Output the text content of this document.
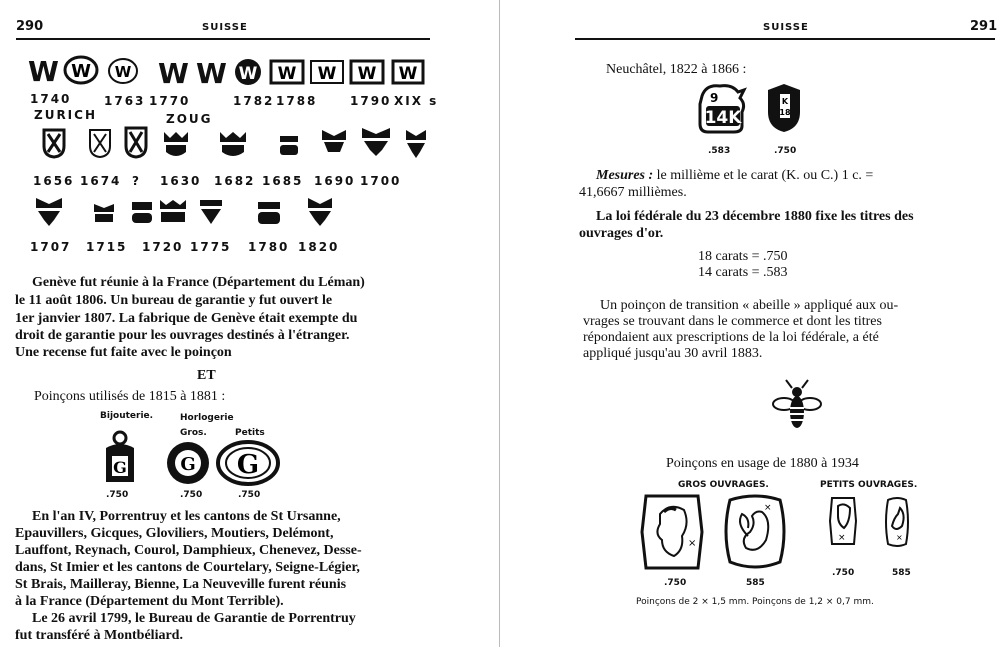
290	SUISSE
W W W W W W W W W W
1740	1763 1770	1782 1788	1790 XIX s
ZURICH	ZOUG
1656 1674 ? 1630 1682 1685 1690 1700
1707 1715 1720 1775 1780 1820
Genève fut réunie à la France (Département du Léman)
le 11 août 1806. Un bureau de garantie y fut ouvert le
1er janvier 1807. La fabrique de Genève était exempte du
droit de garantie pour les ouvrages destinés à l'étranger.
Une recense fut faite avec le poinçon
ET
Poinçons utilisés de 1815 à 1881 :
Bijouterie.	Horlogerie
Gros.	Petits
G	G G
.750	.750	.750
En l'an IV, Porrentruy et les cantons de St Ursanne,
Epauvillers, Gicques, Gloviliers, Moutiers, Delémont,
Lauffont, Reynach, Courol, Damphieux, Chenevez, Desse-
dans, St Imier et les cantons de Courtelary, Seigne-Légier,
St Brais, Mailleray, Bienne, La Neuveville furent réunis
à la France (Département du Mont Terrible).
Le 26 avril 1799, le Bureau de Garantie de Porrentruy
fut transféré à Montbéliard.
291
SUISSE
Neuchâtel, 1822 à 1866 :
14K
9	K
18
.583	.750
Mesures : le millième et le carat (K. ou C.) 1 c. =
41,6667 millièmes.
La loi fédérale du 23 décembre 1880 fixe les titres des
ouvrages d'or.
18 carats = .750
14 carats = .583
Un poinçon de transition « abeille » appliqué aux ou-
vrages se trouvant dans le commerce et dont les titres
répondaient aux prescriptions de la loi fédérale, a été
appliqué jusqu'au 30 avril 1883.
Poinçons en usage de 1880 à 1934
GROS OUVRAGES.	PETITS OUVRAGES.
×
×
×	×
.750	585
.750	585
Poinçons de 2 × 1,5 mm. Poinçons de 1,2 × 0,7 mm.
